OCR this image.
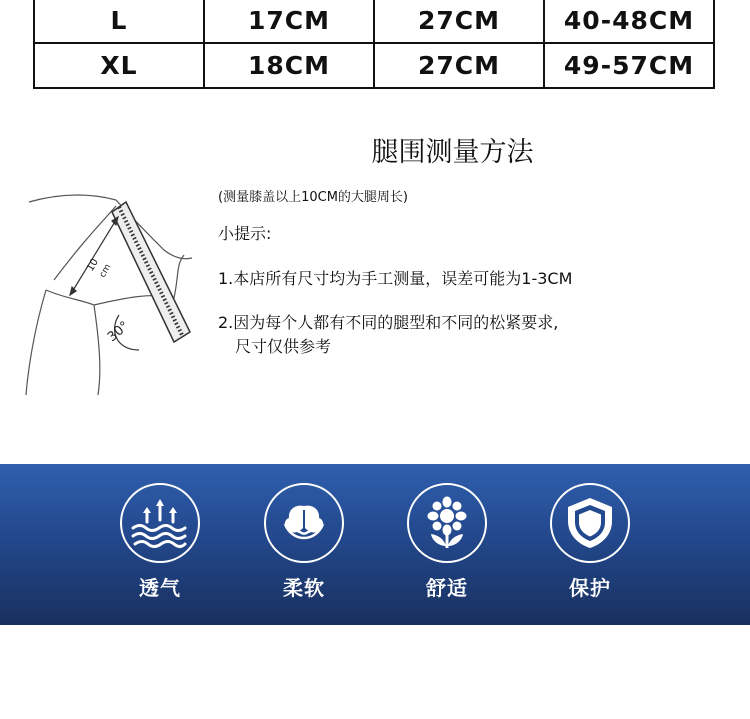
L	17CM	27CM	40-48CM
XL	18CM	27CM	49-57CM
腿围测量方法
10
cm
30°
(测量膝盖以上10CM的大腿周长)
小提示:
1.本店所有尺寸均为手工测量，误差可能为1-3CM
2.因为每个人都有不同的腿型和不同的松紧要求,
尺寸仅供参考
透气	柔软	舒适	保护
